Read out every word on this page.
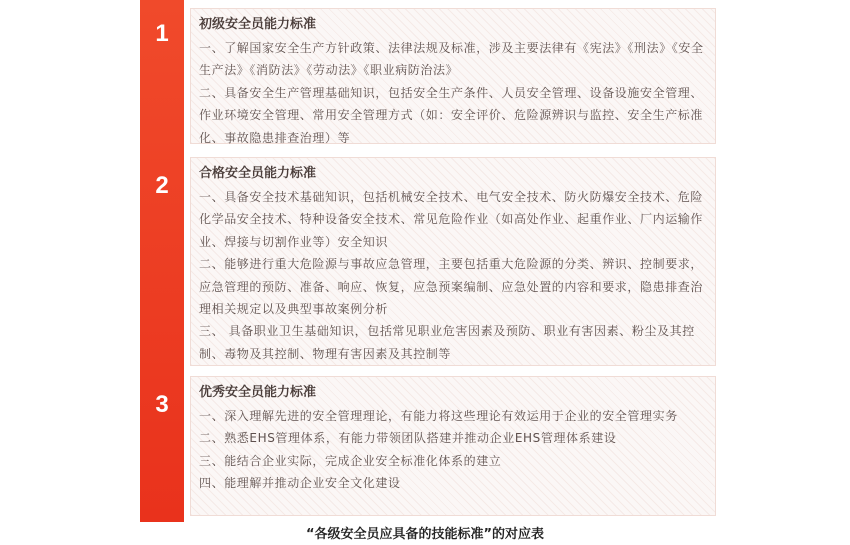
1
2
3
初级安全员能力标准
一、了解国家安全生产方针政策、法律法规及标准，涉及主要法律有《宪法》《刑法》《安全生产法》《消防法》《劳动法》《职业病防治法》
二、具备安全生产管理基础知识，包括安全生产条件、人员安全管理、设备设施安全管理、作业环境安全管理、常用安全管理方式（如：安全评价、危险源辨识与监控、安全生产标准化、事故隐患排查治理）等
合格安全员能力标准
一、具备安全技术基础知识，包括机械安全技术、电气安全技术、防火防爆安全技术、危险化学品安全技术、特种设备安全技术、常见危险作业（如高处作业、起重作业、厂内运输作业、焊接与切割作业等）安全知识
二、能够进行重大危险源与事故应急管理，主要包括重大危险源的分类、辨识、控制要求，应急管理的预防、准备、响应、恢复，应急预案编制、应急处置的内容和要求，隐患排查治理相关规定以及典型事故案例分析
三、 具备职业卫生基础知识，包括常见职业危害因素及预防、职业有害因素、粉尘及其控制、毒物及其控制、物理有害因素及其控制等
优秀安全员能力标准
一、深入理解先进的安全管理理论，有能力将这些理论有效运用于企业的安全管理实务
二、熟悉EHS管理体系，有能力带领团队搭建并推动企业EHS管理体系建设
三、能结合企业实际，完成企业安全标准化体系的建立
四、能理解并推动企业安全文化建设
“各级安全员应具备的技能标准”的对应表
